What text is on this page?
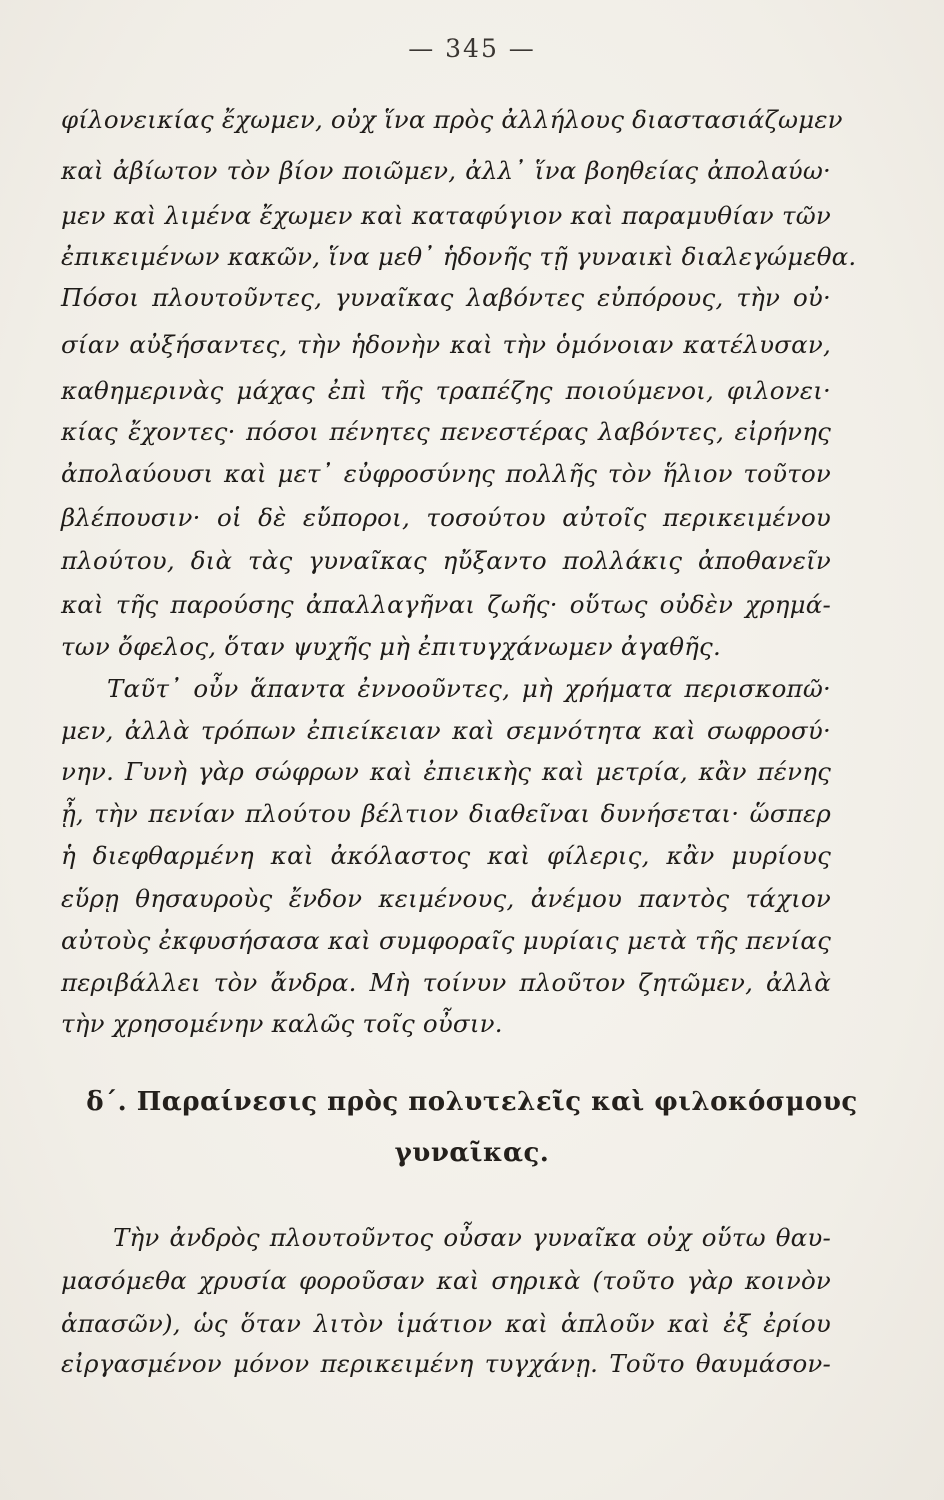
— 345 —
φίλονεικίας ἔχωμεν, οὐχ ἵνα πρὸς ἀλλήλους διαστασιάζωμεν
καὶ ἀβίωτον τὸν βίον ποιῶμεν, ἀλλ᾽ ἵνα βοηθείας ἀπολαύω·
μεν καὶ λιμένα ἔχωμεν καὶ καταφύγιον καὶ παραμυθίαν τῶν
ἐπικειμένων κακῶν, ἵνα μεθ᾽ ἡδονῆς τῇ γυναικὶ διαλεγώμεθα.
Πόσοι πλουτοῦντες, γυναῖκας λαβόντες εὐπόρους, τὴν οὐ·
σίαν αὐξήσαντες, τὴν ἡδονὴν καὶ τὴν ὁμόνοιαν κατέλυσαν,
καθημερινὰς μάχας ἐπὶ τῆς τραπέζης ποιούμενοι, φιλονει·
κίας ἔχοντες· πόσοι πένητες πενεστέρας λαβόντες, εἰρήνης
ἀπολαύουσι καὶ μετ᾽ εὐφροσύνης πολλῆς τὸν ἥλιον τοῦτον
βλέπουσιν· οἱ δὲ εὔποροι, τοσούτου αὐτοῖς περικειμένου
πλούτου, διὰ τὰς γυναῖκας ηὔξαντο πολλάκις ἀποθανεῖν
καὶ τῆς παρούσης ἀπαλλαγῆναι ζωῆς· οὕτως οὐδὲν χρημά-
των ὄφελος, ὅταν ψυχῆς μὴ ἐπιτυγχάνωμεν ἀγαθῆς.
Ταῦτ᾽ οὖν ἅπαντα ἐννοοῦντες, μὴ χρήματα περισκοπῶ·
μεν, ἀλλὰ τρόπων ἐπιείκειαν καὶ σεμνότητα καὶ σωφροσύ·
νην. Γυνὴ γὰρ σώφρων καὶ ἐπιεικὴς καὶ μετρία, κἂν πένης
ᾖ, τὴν πενίαν πλούτου βέλτιον διαθεῖναι δυνήσεται· ὥσπερ
ἡ διεφθαρμένη καὶ ἀκόλαστος καὶ φίλερις, κἂν μυρίους
εὕρῃ θησαυροὺς ἔνδον κειμένους, ἀνέμου παντὸς τάχιον
αὐτοὺς ἐκφυσήσασα καὶ συμφοραῖς μυρίαις μετὰ τῆς πενίας
περιβάλλει τὸν ἄνδρα. Μὴ τοίνυν πλοῦτον ζητῶμεν, ἀλλὰ
τὴν χρησομένην καλῶς τοῖς οὖσιν.
δ΄. Παραίνεσις πρὸς πολυτελεῖς καὶ φιλοκόσμους
γυναῖκας.
Τὴν ἀνδρὸς πλουτοῦντος οὖσαν γυναῖκα οὐχ οὕτω θαυ-
μασόμεθα χρυσία φοροῦσαν καὶ σηρικὰ (τοῦτο γὰρ κοινὸν
ἁπασῶν), ὡς ὅταν λιτὸν ἱμάτιον καὶ ἁπλοῦν καὶ ἐξ ἐρίου
εἰργασμένον μόνον περικειμένη τυγχάνῃ. Τοῦτο θαυμάσον-
